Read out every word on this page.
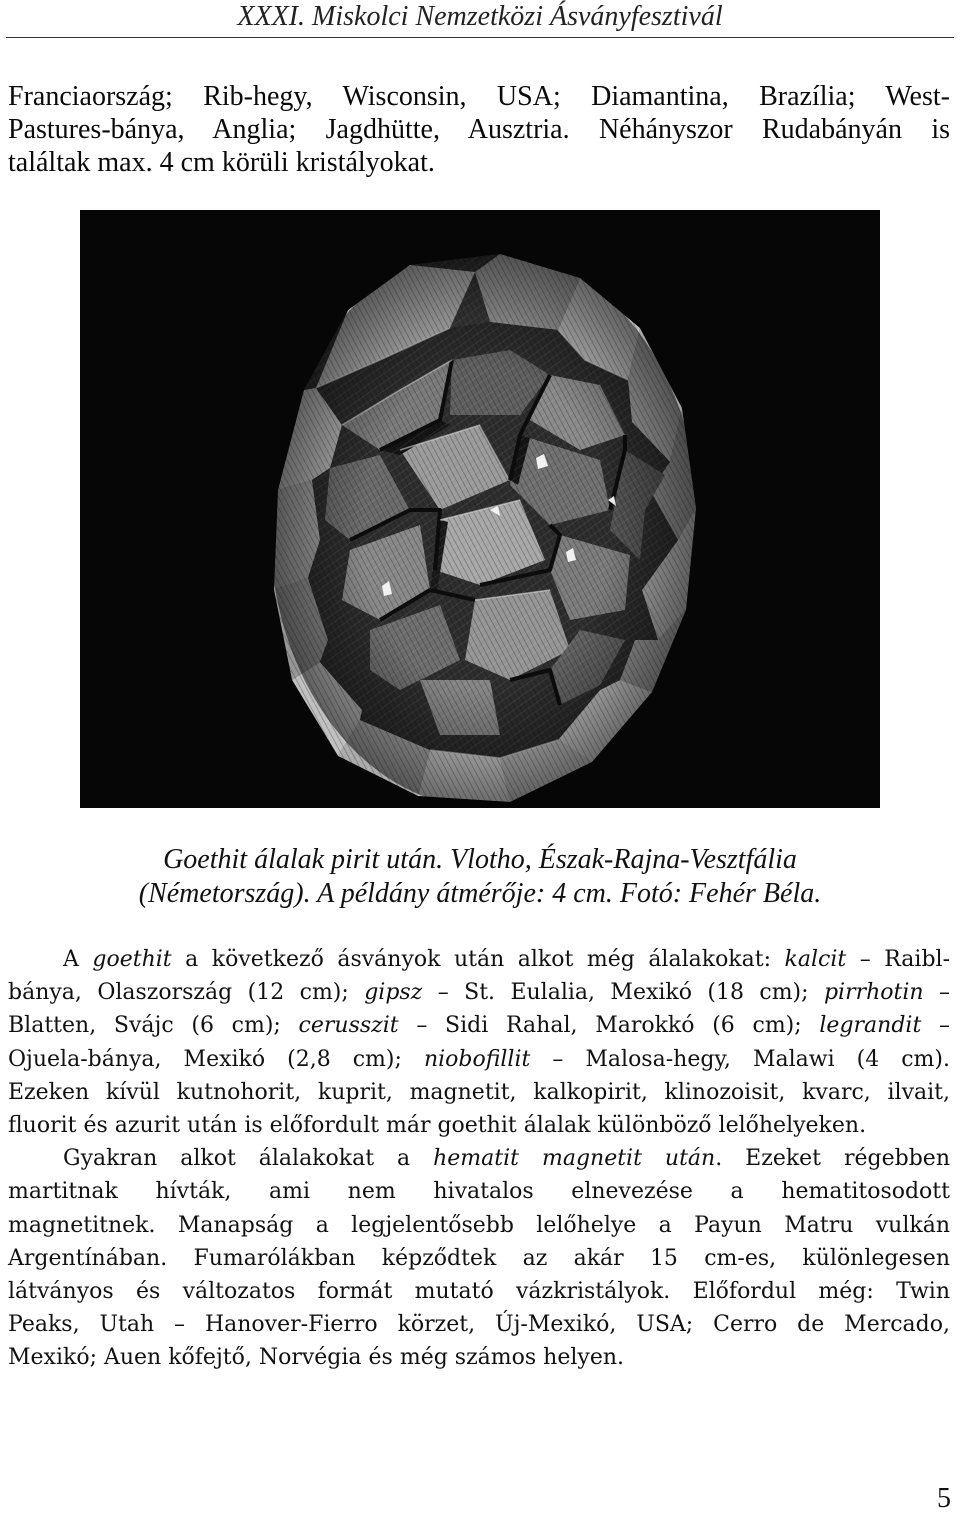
XXXI. Miskolci Nemzetközi Ásványfesztivál
Franciaország; Rib-hegy, Wisconsin, USA; Diamantina, Brazília; West-
Pastures-bánya, Anglia; Jagdhütte, Ausztria. Néhányszor Rudabányán is
találtak max. 4 cm körüli kristályokat.
Goethit álalak pirit után. Vlotho, Észak-Rajna-Vesztfália
(Németország). A példány átmérője: 4 cm. Fotó: Fehér Béla.
A goethit a következő ásványok után alkot még álalakokat: kalcit – Raibl-
bánya, Olaszország (12 cm); gipsz – St. Eulalia, Mexikó (18 cm); pirrhotin –
Blatten, Svájc (6 cm); cerusszit – Sidi Rahal, Marokkó (6 cm); legrandit –
Ojuela-bánya, Mexikó (2,8 cm); niobofillit – Malosa-hegy, Malawi (4 cm).
Ezeken kívül kutnohorit, kuprit, magnetit, kalkopirit, klinozoisit, kvarc, ilvait,
fluorit és azurit után is előfordult már goethit álalak különböző lelőhelyeken.
Gyakran alkot álalakokat a hematit magnetit után. Ezeket régebben
martitnak hívták, ami nem hivatalos elnevezése a hematitosodott
magnetitnek. Manapság a legjelentősebb lelőhelye a Payun Matru vulkán
Argentínában. Fumarólákban képződtek az akár 15 cm-es, különlegesen
látványos és változatos formát mutató vázkristályok. Előfordul még: Twin
Peaks, Utah – Hanover-Fierro körzet, Új-Mexikó, USA; Cerro de Mercado,
Mexikó; Auen kőfejtő, Norvégia és még számos helyen.
5
